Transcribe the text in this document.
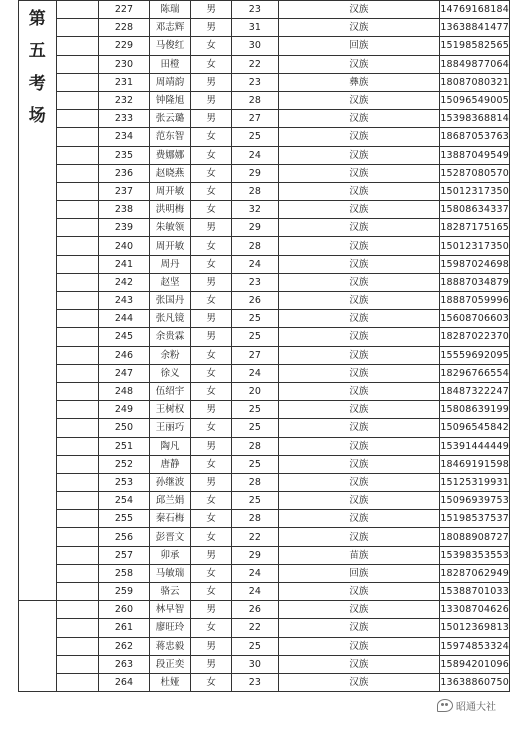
第
五
考
场		227	陈瑞	男	23	汉族	14769168184
		228	邓志辉	男	31	汉族	13638841477
		229	马俊红	女	30	回族	15198582565
		230	田橙	女	22	汉族	18849877064
		231	周靖韵	男	23	彝族	18087080321
		232	钟隆旭	男	28	汉族	15096549005
		233	张云璐	男	27	汉族	15398368814
		234	范东智	女	25	汉族	18687053763
		235	费娜娜	女	24	汉族	13887049549
		236	赵晓燕	女	29	汉族	15287080570
		237	周开敏	女	28	汉族	15012317350
		238	洪明梅	女	32	汉族	15808634337
		239	朱敏领	男	29	汉族	18287175165
		240	周开敏	女	28	汉族	15012317350
		241	周丹	女	24	汉族	15987024698
		242	赵坚	男	23	汉族	18887034879
		243	张国丹	女	26	汉族	18887059996
		244	张凡镜	男	25	汉族	15608706603
		245	余贵霖	男	25	汉族	18287022370
		246	余粉	女	27	汉族	15559692095
		247	徐义	女	24	汉族	18296766554
		248	伍绍宇	女	20	汉族	18487322247
		249	王树权	男	25	汉族	15808639199
		250	王丽巧	女	25	汉族	15096545842
		251	陶凡	男	28	汉族	15391444449
		252	唐静	女	25	汉族	18469191598
		253	孙继波	男	28	汉族	15125319931
		254	邱兰娟	女	25	汉族	15096939753
		255	秦石梅	女	28	汉族	15198537537
		256	彭晋文	女	22	汉族	18088908727
		257	卯承	男	29	苗族	15398353553
		258	马敏瑞	女	24	回族	18287062949
		259	骆云	女	24	汉族	15388701033
		260	林早智	男	26	汉族	13308704626
		261	廖旺玲	女	22	汉族	15012369813
		262	蒋忠毅	男	25	汉族	15974853324
		263	段正奕	男	30	汉族	15894201096
		264	杜娅	女	23	汉族	13638860750
昭通大社
